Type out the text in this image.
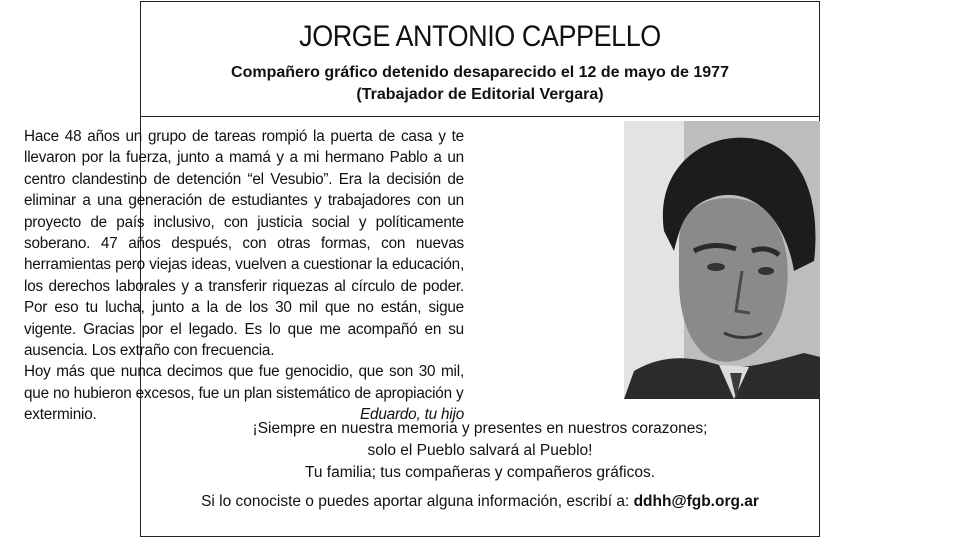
JORGE ANTONIO CAPPELLO
Compañero gráfico detenido desaparecido el 12 de mayo de 1977
(Trabajador de Editorial Vergara)

Hace 48 años un grupo de tareas rompió la puerta de casa y te llevaron por la fuerza, junto a mamá y a mi hermano Pablo a un centro clandestino de detención “el Vesubio”. Era la decisión de eliminar a una generación de estudiantes y trabajadores con un proyecto de país inclusivo, con justicia social y políticamente soberano. 47 años después, con otras formas, con nuevas herramientas pero viejas ideas, vuelven a cuestionar la educación, los derechos laborales y a transferir riquezas al círculo de poder. Por eso tu lucha, junto a la de los 30 mil que no están, sigue vigente. Gracias por el legado. Es lo que me acompañó en su ausencia. Los extraño con frecuencia.

Hoy más que nunca decimos que fue genocidio, que son 30 mil, que no hubieron excesos, fue un plan sistemático de apropiación y

exterminio.	Eduardo, tu hijo
¡Siempre en nuestra memoria y presentes en nuestros corazones;
solo el Pueblo salvará al Pueblo!
Tu familia; tus compañeras y compañeros gráficos.
Si lo conociste o puedes aportar alguna información, escribí a: ddhh@fgb.org.ar
